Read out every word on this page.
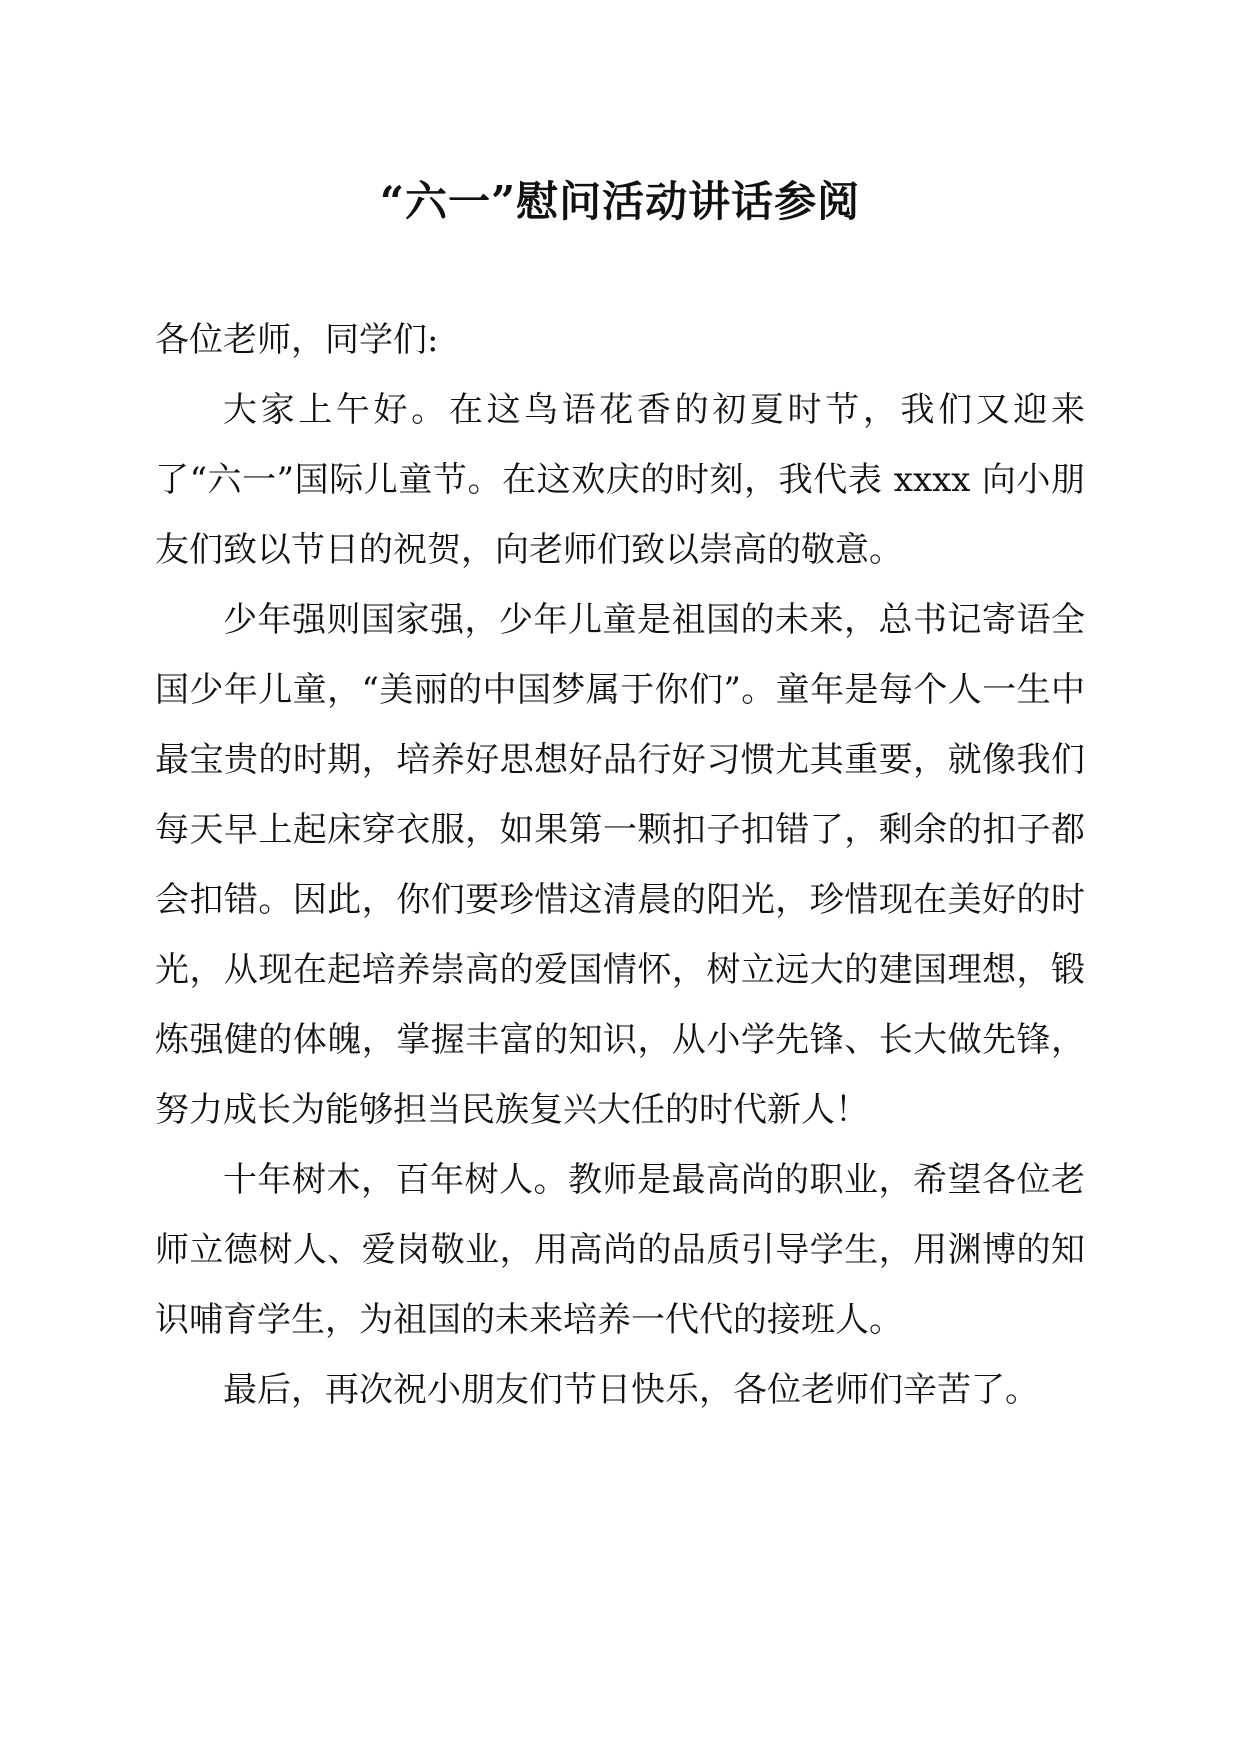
“六一”慰问活动讲话参阅

各位老师，同学们:

大家上午好。在这鸟语花香的初夏时节，我们又迎来了“六一”国际儿童节。在这欢庆的时刻，我代表 xxxx 向小朋友们致以节日的祝贺，向老师们致以崇高的敬意。

少年强则国家强，少年儿童是祖国的未来，总书记寄语全国少年儿童，“美丽的中国梦属于你们”。童年是每个人一生中最宝贵的时期，培养好思想好品行好习惯尤其重要，就像我们每天早上起床穿衣服，如果第一颗扣子扣错了，剩余的扣子都会扣错。因此，你们要珍惜这清晨的阳光，珍惜现在美好的时光，从现在起培养崇高的爱国情怀，树立远大的建国理想，锻炼强健的体魄，掌握丰富的知识，从小学先锋、长大做先锋，努力成长为能够担当民族复兴大任的时代新人！

十年树木，百年树人。教师是最高尚的职业，希望各位老师立德树人、爱岗敬业，用高尚的品质引导学生，用渊博的知识哺育学生，为祖国的未来培养一代代的接班人。

最后，再次祝小朋友们节日快乐，各位老师们辛苦了。
